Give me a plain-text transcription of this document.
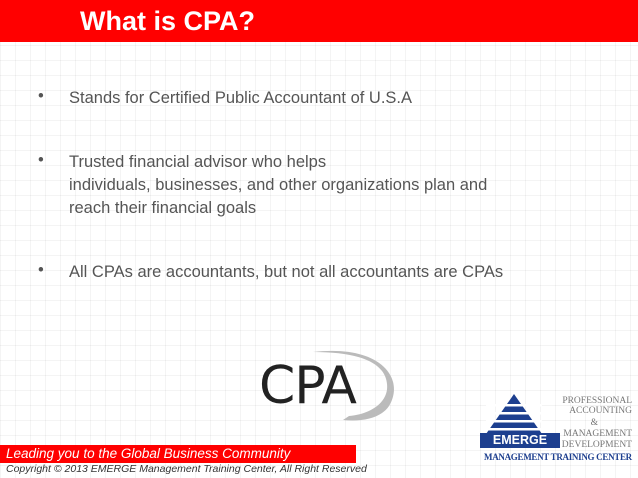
What is CPA?
•	Stands for Certified Public Accountant of U.S.A
•	Trusted financial advisor who helps
individuals, businesses, and other organizations plan and
reach their financial goals
•	All CPAs are accountants, but not all accountants are CPAs
CPA
Leading you to the Global Business Community
Copyright © 2013 EMERGE Management Training Center, All Right Reserved
EMERGE
MANAGEMENT TRAINING CENTER
PROFESSIONAL
ACCOUNTING
&
MANAGEMENT
DEVELOPMENT
